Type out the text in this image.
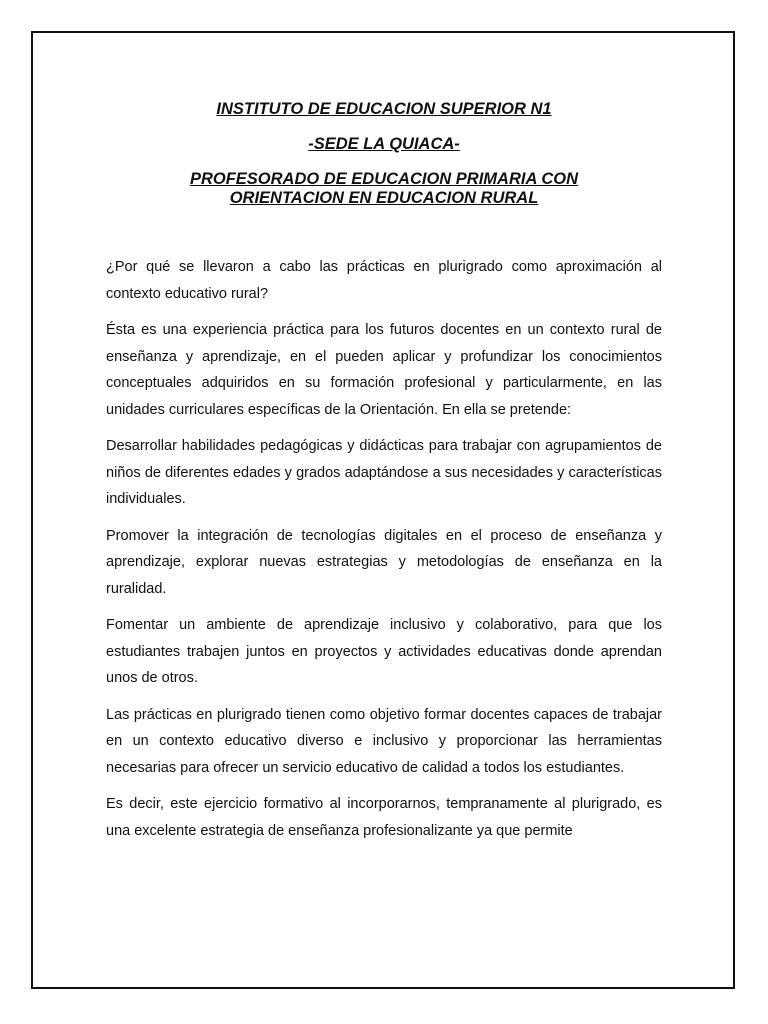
INSTITUTO DE EDUCACION SUPERIOR N1

-SEDE LA QUIACA-

PROFESORADO DE EDUCACION PRIMARIA CON

ORIENTACION EN EDUCACION RURAL

¿Por qué se llevaron a cabo las prácticas en plurigrado como aproximación al contexto educativo rural?

Ésta es una experiencia práctica para los futuros docentes en un contexto rural de enseñanza y aprendizaje, en el pueden aplicar y profundizar los conocimientos conceptuales adquiridos en su formación profesional y particularmente, en las unidades curriculares específicas de la Orientación. En ella se pretende:

Desarrollar habilidades pedagógicas y didácticas para trabajar con agrupamientos de niños de diferentes edades y grados adaptándose a sus necesidades y características individuales.

Promover la integración de tecnologías digitales en el proceso de enseñanza y aprendizaje, explorar nuevas estrategias y metodologías de enseñanza en la ruralidad.

Fomentar un ambiente de aprendizaje inclusivo y colaborativo, para que los estudiantes trabajen juntos en proyectos y actividades educativas donde aprendan unos de otros.

Las prácticas en plurigrado tienen como objetivo formar docentes capaces de trabajar en un contexto educativo diverso e inclusivo y proporcionar las herramientas necesarias para ofrecer un servicio educativo de calidad a todos los estudiantes.

Es decir, este ejercicio formativo al incorporarnos, tempranamente al plurigrado, es una excelente estrategia de enseñanza profesionalizante ya que permite
